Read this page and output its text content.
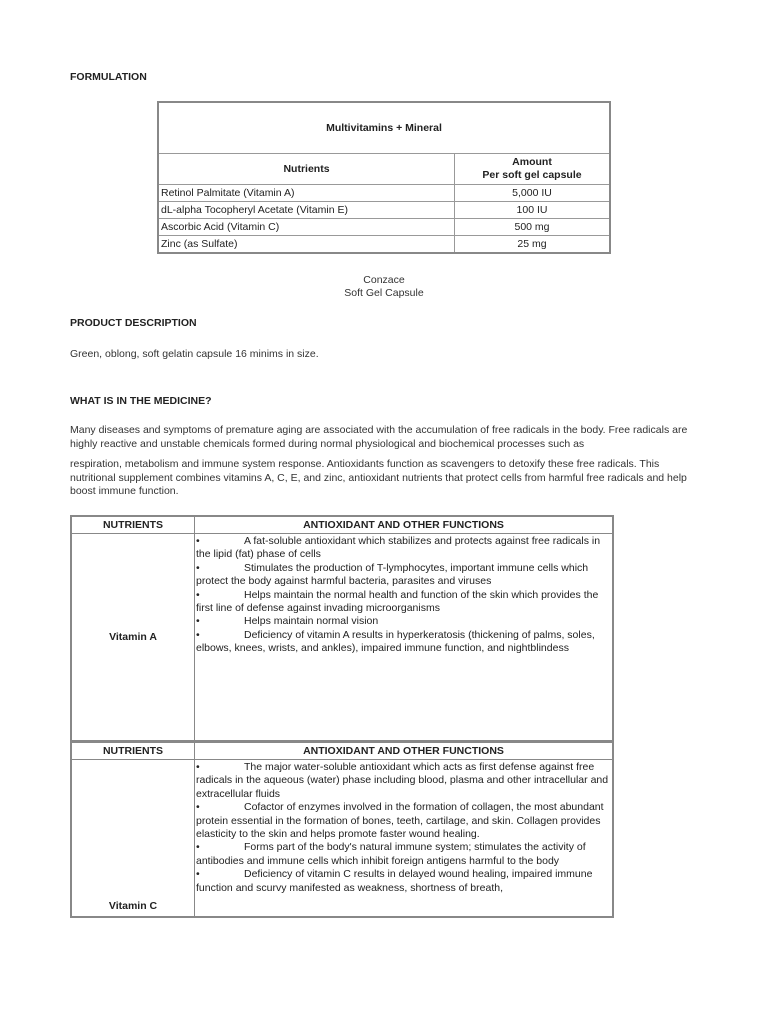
FORMULATION
Multivitamins + Mineral	
Nutrients	Amount
Per soft gel capsule
Retinol Palmitate (Vitamin A)	5,000 IU
dL-alpha Tocopheryl Acetate (Vitamin E)	100 IU
Ascorbic Acid (Vitamin C)	500 mg
Zinc (as Sulfate)	25 mg
Conzace
Soft Gel Capsule
PRODUCT DESCRIPTION

Green, oblong, soft gelatin capsule 16 minims in size.

WHAT IS IN THE MEDICINE?

Many diseases and symptoms of premature aging are associated with the accumulation of free radicals in the body. Free radicals are highly reactive and unstable chemicals formed during normal physiological and biochemical processes such as

respiration, metabolism and immune system response. Antioxidants function as scavengers to detoxify these free radicals. This nutritional supplement combines vitamins A, C, E, and zinc, antioxidant nutrients that protect cells from harmful free radicals and help boost immune function.

NUTRIENTS	ANTIOXIDANT AND OTHER FUNCTIONS
Vitamin A	• A fat-soluble antioxidant which stabilizes and protects against free radicals in the lipid (fat) phase of cells
• Stimulates the production of T-lymphocytes, important immune cells which protect the body against harmful bacteria, parasites and viruses
• Helps maintain the normal health and function of the skin which provides the first line of defense against invading microorganisms
• Helps maintain normal vision
• Deficiency of vitamin A results in hyperkeratosis (thickening of palms, soles, elbows, knees, wrists, and ankles), impaired immune function, and nightblindess
NUTRIENTS	ANTIOXIDANT AND OTHER FUNCTIONS
Vitamin C	• The major water-soluble antioxidant which acts as first defense against free radicals in the aqueous (water) phase including blood, plasma and other intracellular and extracellular fluids
• Cofactor of enzymes involved in the formation of collagen, the most abundant protein essential in the formation of bones, teeth, cartilage, and skin. Collagen provides elasticity to the skin and helps promote faster wound healing.
• Forms part of the body's natural immune system; stimulates the activity of antibodies and immune cells which inhibit foreign antigens harmful to the body
• Deficiency of vitamin C results in delayed wound healing, impaired immune function and scurvy manifested as weakness, shortness of breath,
